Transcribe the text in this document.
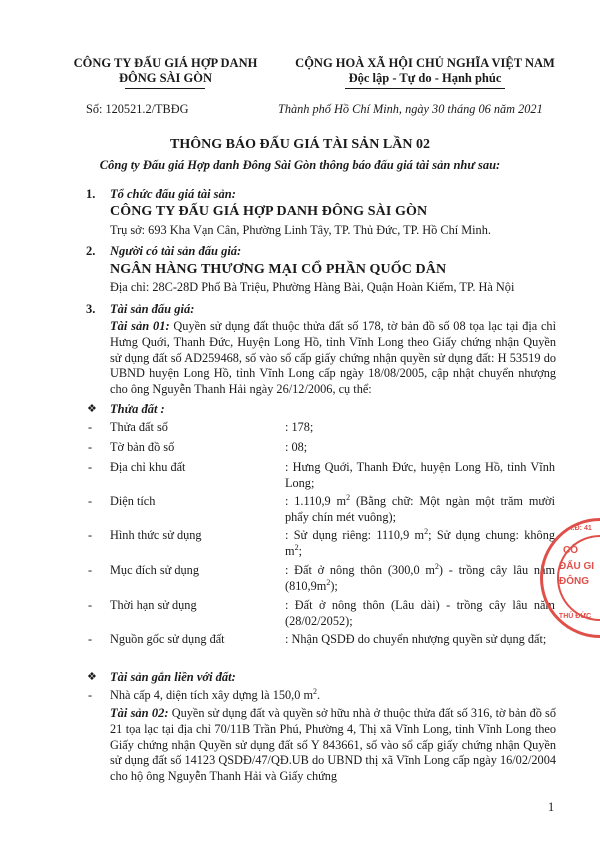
CÔNG TY ĐẤU GIÁ HỢP DANH
ĐÔNG SÀI GÒN
CỘNG HOÀ XÃ HỘI CHỦ NGHĨA VIỆT NAM
Độc lập - Tự do - Hạnh phúc
Số: 120521.2/TBĐG	Thành phố Hồ Chí Minh, ngày 30 tháng 06 năm 2021
THÔNG BÁO ĐẤU GIÁ TÀI SẢN LẦN 02
Công ty Đấu giá Hợp danh Đông Sài Gòn thông báo đấu giá tài sản như sau:
1. Tổ chức đấu giá tài sản:
CÔNG TY ĐẤU GIÁ HỢP DANH ĐÔNG SÀI GÒN
Trụ sở: 693 Kha Vạn Cân, Phường Linh Tây, TP. Thủ Đức, TP. Hồ Chí Minh.
2. Người có tài sản đấu giá:
NGÂN HÀNG THƯƠNG MẠI CỔ PHẦN QUỐC DÂN
Địa chỉ: 28C-28D Phố Bà Triệu, Phường Hàng Bài, Quận Hoàn Kiếm, TP. Hà Nội
3. Tài sản đấu giá:
Tài sản 01: Quyền sử dụng đất thuộc thửa đất số 178, tờ bản đồ số 08 tọa lạc tại địa chỉ Hưng Quới, Thanh Đức, Huyện Long Hồ, tỉnh Vĩnh Long theo Giấy chứng nhận Quyền sử dụng đất số AD259468, số vào sổ cấp giấy chứng nhận quyền sử dụng đất: H 53519 do UBND huyện Long Hồ, tỉnh Vĩnh Long cấp ngày 18/08/2005, cập nhật chuyển nhượng cho ông Nguyễn Thanh Hải ngày 26/12/2006, cụ thể:
❖ Thửa đất :
- Thửa đất số	: 178;
- Tờ bản đồ số	: 08;
- Địa chỉ khu đất	: Hưng Quới, Thanh Đức, huyện Long Hồ, tỉnh Vĩnh Long;
- Diện tích	: 1.110,9 $m^2$ (Bằng chữ: Một ngàn một trăm mười phẩy chín mét vuông);
- Hình thức sử dụng	: Sử dụng riêng: 1110,9 $m^2$; Sử dụng chung: không $m^2$;
- Mục đích sử dụng	: Đất ở nông thôn (300,0 $m^2$) - trồng cây lâu năm $(810,9m^2)$;
- Thời hạn sử dụng	: Đất ở nông thôn (Lâu dài) - trồng cây lâu năm (28/02/2052);
- Nguồn gốc sử dụng đất	: Nhận QSDĐ do chuyển nhượng quyền sử dụng đất;
❖ Tài sản gắn liền với đất:
- Nhà cấp 4, diện tích xây dựng là 150,0 $m^2$.
Tài sản 02: Quyền sử dụng đất và quyền sở hữu nhà ở thuộc thửa đất số 316, tờ bản đồ số 21 tọa lạc tại địa chỉ 70/11B Trần Phú, Phường 4, Thị xã Vĩnh Long, tỉnh Vĩnh Long theo Giấy chứng nhận Quyền sử dụng đất số Y 843661, số vào sổ cấp giấy chứng nhận Quyền sử dụng đất số 14123 QSDĐ/47/QĐ.UB do UBND thị xã Vĩnh Long cấp ngày 16/02/2004 cho hộ ông Nguyễn Thanh Hải và Giấy chứng
1
CÔ
ĐẤU GI
ĐÔNG
S.Đ.K.H.Đ: 41
TP. THỦ ĐỨC
